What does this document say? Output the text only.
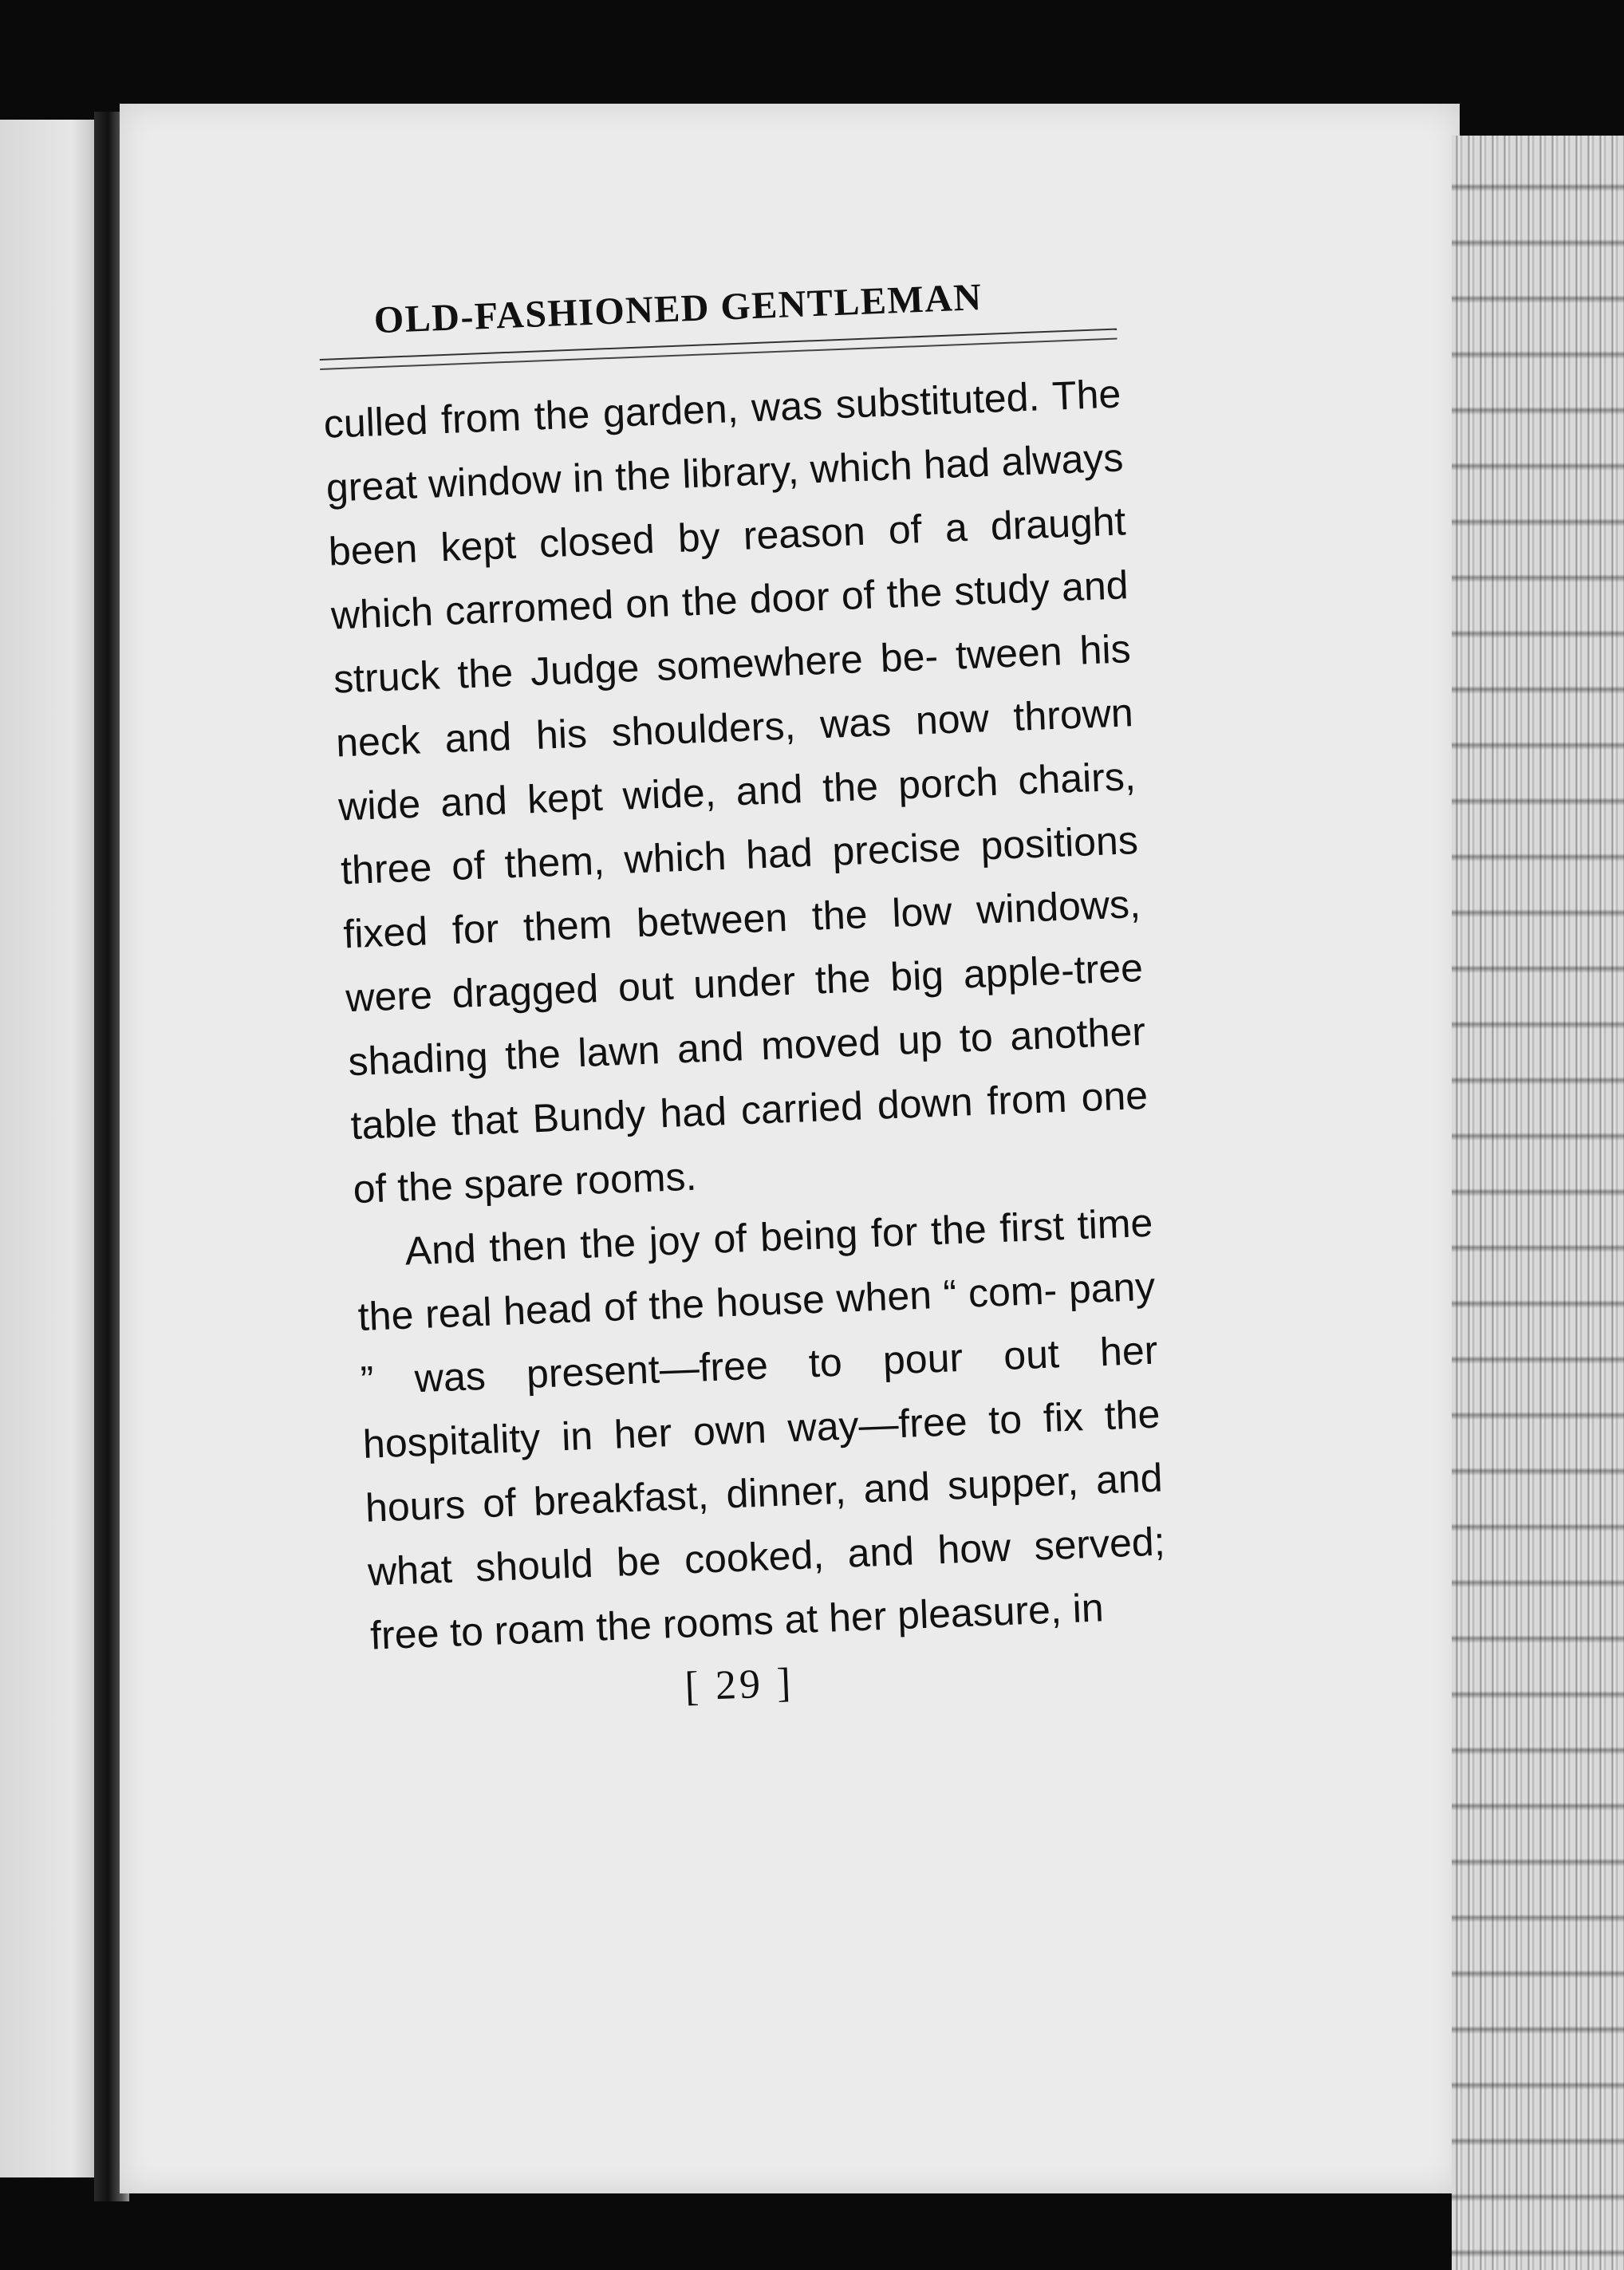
OLD-FASHIONED GENTLEMAN

culled from the garden, was substituted. The great window in the library, which had always been kept closed by reason of a draught which carromed on the door of the study and struck the Judge somewhere be- tween his neck and his shoulders, was now thrown wide and kept wide, and the porch chairs, three of them, which had precise positions fixed for them between the low windows, were dragged out under the big apple-tree shading the lawn and moved up to another table that Bundy had carried down from one of the spare rooms.

And then the joy of being for the first time the real head of the house when “ com- pany ” was present—free to pour out her hospitality in her own way—free to fix the hours of breakfast, dinner, and supper, and what should be cooked, and how served; free to roam the rooms at her pleasure, in

[ 29 ]
